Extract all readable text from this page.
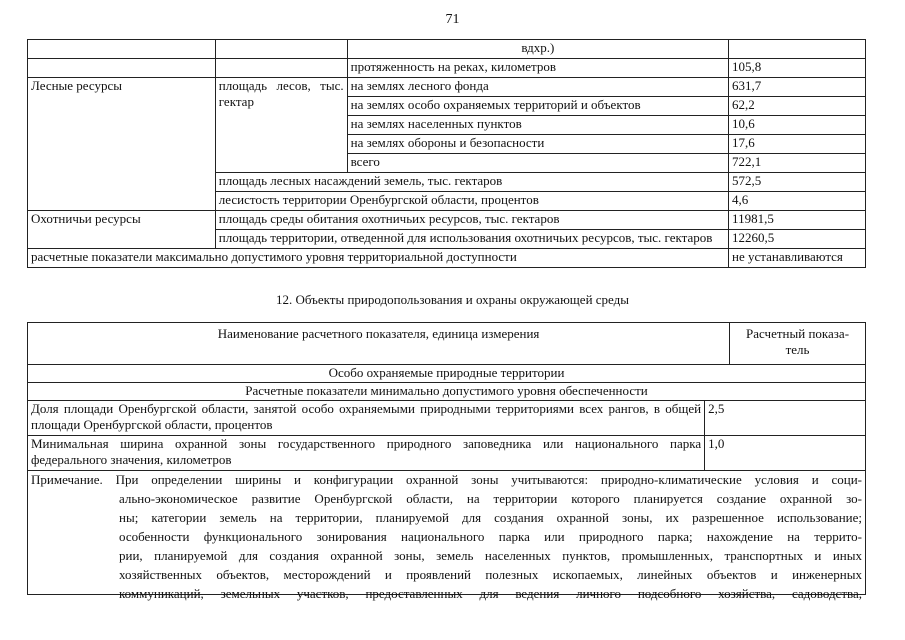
71
		вдхр.)	
		протяженность на реках, километров	105,8
Лесные ресурсы	площадь лесов, тыс. гектар	на землях лесного фонда	631,7
		на землях особо охраняемых территорий и объектов	62,2
		на землях населенных пунктов	10,6
		на землях обороны и безопасности	17,6
		всего	722,1
	площадь лесных насаждений земель, тыс. гектаров		572,5
	лесистость территории Оренбургской области, процентов		4,6
Охотничьи ресурсы	площадь среды обитания охотничьих ресурсов, тыс. гектаров		11981,5
	площадь территории, отведенной для использования охотничьих ресурсов, тыс. гектаров		12260,5
расчетные показатели максимально допустимого уровня территориальной доступности			не устанавливаются
12. Объекты природопользования и охраны окружающей среды
Наименование расчетного показателя, единица измерения		Расчетный показа-
тель

Особо охраняемые природные территории		
Расчетные показатели минимально допустимого уровня обеспеченности		
Доля площади Оренбургской области, занятой особо охраняемыми природными территориями всех рангов, в общей площади Оренбургской области, процентов	2,5	
Минимальная ширина охранной зоны государственного природного заповедника или национального парка федерального значения, километров	1,0	
Примечание. При определении ширины и конфигурации охранной зоны учитываются: природно-климатические условия и соци-
ально-экономическое развитие Оренбургской области, на территории которого планируется создание охранной зо-
ны; категории земель на территории, планируемой для создания охранной зоны, их разрешенное использование;
особенности функционального зонирования национального парка или природного парка; нахождение на террито-
рии, планируемой для создания охранной зоны, земель населенных пунктов, промышленных, транспортных и иных
хозяйственных объектов, месторождений и проявлений полезных ископаемых, линейных объектов и инженерных
коммуникаций, земельных участков, предоставленных для ведения личного подсобного хозяйства, садоводства,
